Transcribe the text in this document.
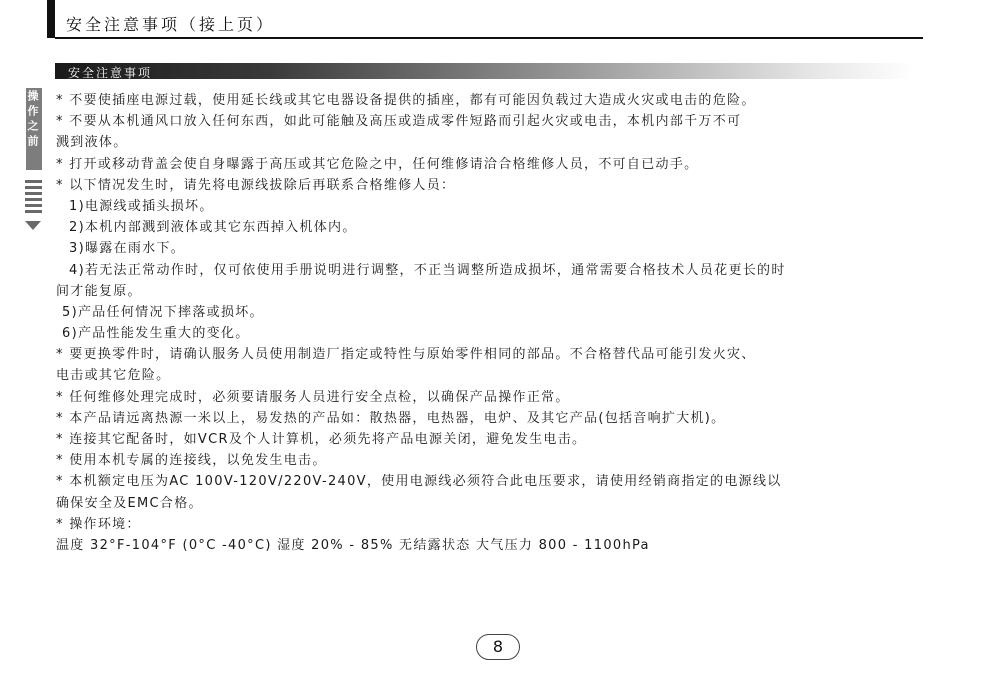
安全注意事项（接上页）
安全注意事项
操作之前 * 不要使插座电源过载，使用延长线或其它电器设备提供的插座，都有可能因负载过大造成火灾或电击的危险。
* 不要从本机通风口放入任何东西，如此可能触及高压或造成零件短路而引起火灾或电击，本机内部千万不可
溅到液体。
* 打开或移动背盖会使自身曝露于高压或其它危险之中，任何维修请洽合格维修人员，不可自已动手。
* 以下情况发生时，请先将电源线拔除后再联系合格维修人员：
1)电源线或插头损坏。
2)本机内部溅到液体或其它东西掉入机体内。
3)曝露在雨水下。
4)若无法正常动作时，仅可依使用手册说明进行调整，不正当调整所造成损坏，通常需要合格技术人员花更长的时
间才能复原。
5)产品任何情况下摔落或损坏。
6)产品性能发生重大的变化。
* 要更换零件时，请确认服务人员使用制造厂指定或特性与原始零件相同的部品。不合格替代品可能引发火灾、
电击或其它危险。
* 任何维修处理完成时，必须要请服务人员进行安全点检，以确保产品操作正常。
* 本产品请远离热源一米以上，易发热的产品如：散热器，电热器，电炉、及其它产品(包括音响扩大机)。
* 连接其它配备时，如VCR及个人计算机，必须先将产品电源关闭，避免发生电击。
* 使用本机专属的连接线，以免发生电击。
* 本机额定电压为AC 100V-120V/220V-240V，使用电源线必须符合此电压要求，请使用经销商指定的电源线以
确保安全及EMC合格。
* 操作环境：
温度 32°F-104°F (0°C -40°C) 湿度 20% - 85% 无结露状态 大气压力 800 - 1100hPa
8
